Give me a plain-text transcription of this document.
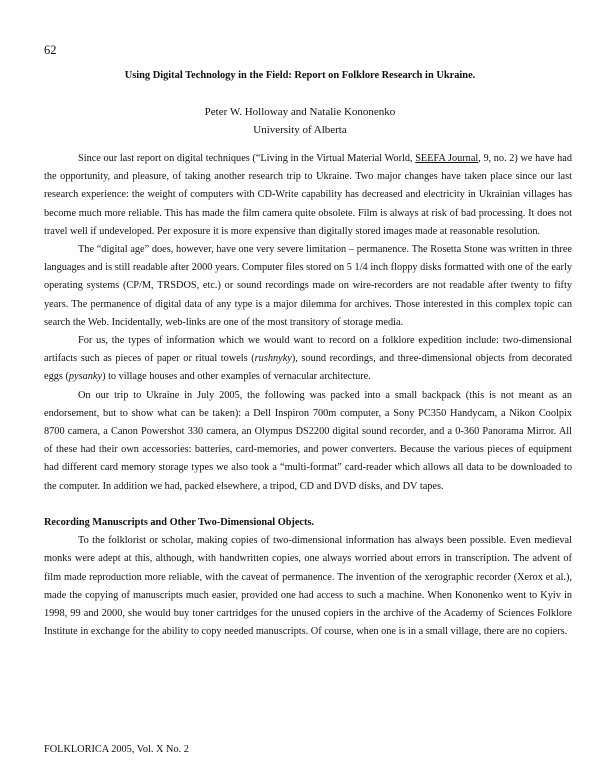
62
Using Digital Technology in the Field: Report on Folklore Research in Ukraine.
Peter W. Holloway and Natalie Kononenko
University of Alberta

Since our last report on digital techniques (“Living in the Virtual Material World, SEEFA Journal, 9, no. 2) we have had the opportunity, and pleasure, of taking another research trip to Ukraine. Two major changes have taken place since our last research experience: the weight of computers with CD-Write capability has decreased and electricity in Ukrainian villages has become much more reliable. This has made the film camera quite obsolete. Film is always at risk of bad processing. It does not travel well if undeveloped. Per exposure it is more expensive than digitally stored images made at reasonable resolution.

The “digital age” does, however, have one very severe limitation – permanence. The Rosetta Stone was written in three languages and is still readable after 2000 years. Computer files stored on 5 1/4 inch floppy disks formatted with one of the early operating systems (CP/M, TRSDOS, etc.) or sound recordings made on wire-recorders are not readable after twenty to fifty years. The permanence of digital data of any type is a major dilemma for archives. Those interested in this complex topic can search the Web. Incidentally, web-links are one of the most transitory of storage media.

For us, the types of information which we would want to record on a folklore expedition include: two-dimensional artifacts such as pieces of paper or ritual towels (rushnyky), sound recordings, and three-dimensional objects from decorated eggs (pysanky) to village houses and other examples of vernacular architecture.

On our trip to Ukraine in July 2005, the following was packed into a small backpack (this is not meant as an endorsement, but to show what can be taken): a Dell Inspiron 700m computer, a Sony PC350 Handycam, a Nikon Coolpix 8700 camera, a Canon Powershot 330 camera, an Olympus DS2200 digital sound recorder, and a 0-360 Panorama Mirror. All of these had their own accessories: batteries, card-memories, and power converters. Because the various pieces of equipment had different card memory storage types we also took a “multi-format” card-reader which allows all data to be downloaded to the computer. In addition we had, packed elsewhere, a tripod, CD and DVD disks, and DV tapes.

Recording Manuscripts and Other Two-Dimensional Objects.

To the folklorist or scholar, making copies of two-dimensional information has always been possible. Even medieval monks were adept at this, although, with handwritten copies, one always worried about errors in transcription. The advent of film made reproduction more reliable, with the caveat of permanence. The invention of the xerographic recorder (Xerox et al.), made the copying of manuscripts much easier, provided one had access to such a machine. When Kononenko went to Kyiv in 1998, 99 and 2000, she would buy toner cartridges for the unused copiers in the archive of the Academy of Sciences Folklore Institute in exchange for the ability to copy needed manuscripts. Of course, when one is in a small village, there are no copiers.

FOLKLORICA 2005, Vol. X No. 2
